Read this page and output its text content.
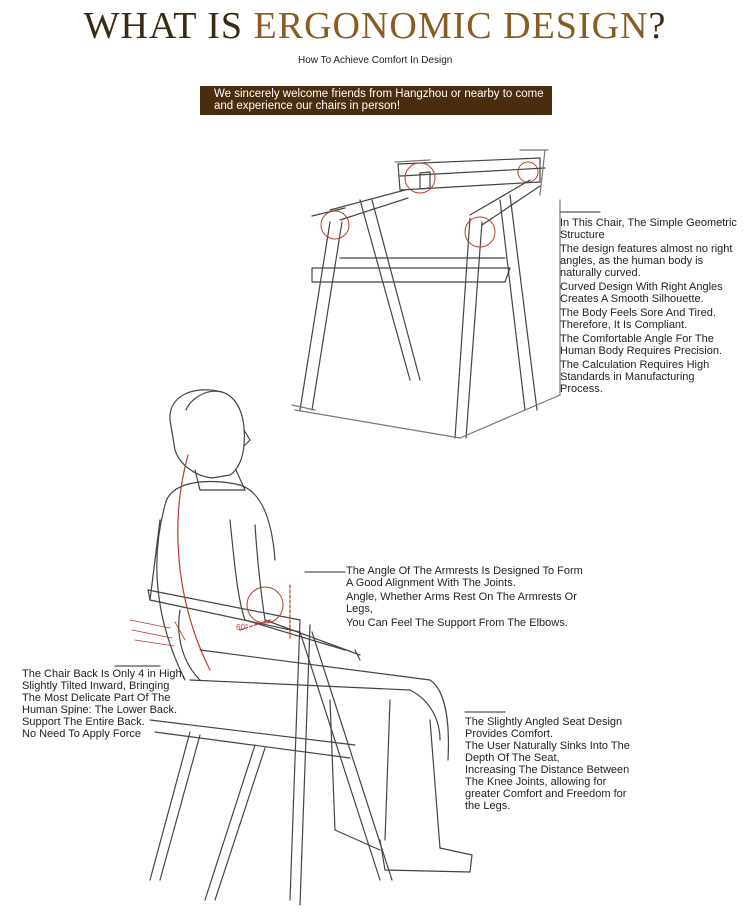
WHAT IS ERGONOMIC DESIGN?
How To Achieve Comfort In Design
We sincerely welcome friends from Hangzhou or nearby to come and experience our chairs in person!
60°
In This Chair, The Simple Geometric Structure
The design features almost no right angles, as the human body is naturally curved.
Curved Design With Right Angles Creates A Smooth Silhouette.
The Body Feels Sore And Tired. Therefore, It Is Compliant.
The Comfortable Angle For The Human Body Requires Precision.
The Calculation Requires High Standards in Manufacturing Process.
The Angle Of The Armrests Is Designed To Form A Good Alignment With The Joints.
Angle, Whether Arms Rest On The Armrests Or Legs,
You Can Feel The Support From The Elbows.
The Chair Back Is Only 4 in High,
Slightly Tilted Inward, Bringing
The Most Delicate Part Of The Human Spine: The Lower Back.
Support The Entire Back.
No Need To Apply Force
The Slightly Angled Seat Design Provides Comfort.
The User Naturally Sinks Into The Depth Of The Seat,
Increasing The Distance Between The Knee Joints, allowing for greater Comfort and Freedom for the Legs.
